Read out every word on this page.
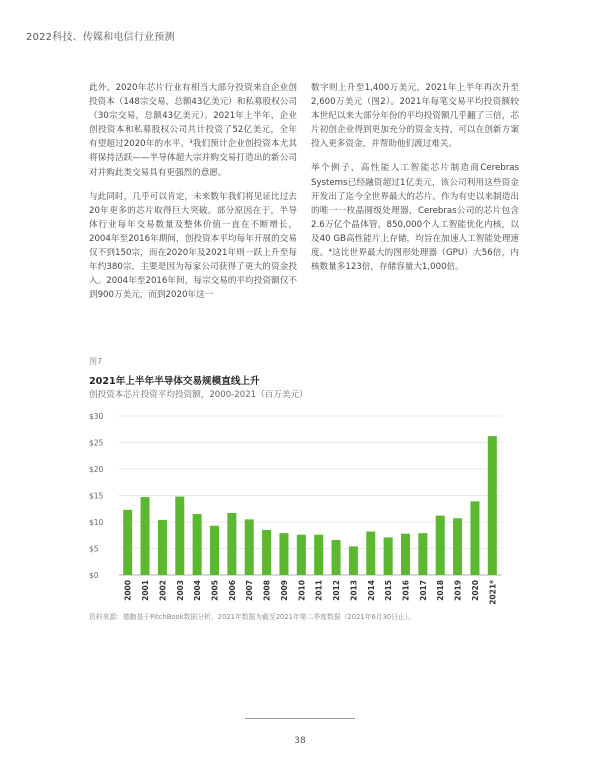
2022科技、传媒和电信行业预测

此外，2020年芯片行业有相当大部分投资来自企业创投资本（148宗交易，总额43亿美元）和私募股权公司（30宗交易，总额43亿美元）。2021年上半年，企业创投资本和私募股权公司共计投资了52亿美元，全年有望超过2020年的水平。³我们预计企业创投资本尤其将保持活跃——半导体超大宗并购交易打造出的新公司对并购此类交易具有更强烈的意愿。

与此同时，几乎可以肯定，未来数年我们将见证比过去20年更多的芯片取得巨大突破。部分原因在于，半导体行业每年交易数量及整体价值一直在不断增长，2004年至2016年期间，创投资本平均每年开展的交易仅不到150宗，而在2020年及2021年则一跃上升至每年约380宗，主要是因为每家公司获得了更大的资金投入。2004年至2016年间，每宗交易的平均投资额仅不到900万美元，而到2020年这一

数字则上升至1,400万美元，2021年上半年再次升至2,600万美元（图2）。2021年每笔交易平均投资额较本世纪以来大部分年份的平均投资额几乎翻了三倍，芯片初创企业得到更加充分的资金支持，可以在创新方案投入更多资金，并帮助他们渡过难关。

举个例子，高性能人工智能芯片制造商Cerebras Systems已经融资超过1亿美元，该公司利用这些资金开发出了迄今全世界最大的芯片。作为有史以来制造出的唯一一枚晶圆级处理器，Cerebras公司的芯片包含2.6万亿个晶体管，850,000个人工智能优化内核，以及40 GB高性能片上存储，均旨在加速人工智能处理速度。⁴这比世界最大的图形处理器（GPU）大56倍，内核数量多123倍，存储容量大1,000倍。

图7
2021年上半年半导体交易规模直线上升
创投资本芯片投资平均投资额，2000-2021（百万美元）
$0
$5
$10
$15
$20
$25
$30
2000 2001 2002 2003 2004 2005 2006 2007 2008 2009 2010 2011 2012 2013 2014 2015 2016 2017 2018 2019 2020 2021*
资料来源：德勤基于PitchBook数据分析，2021年数据为截至2021年第二季度数据（2021年6月30日止）。
38
